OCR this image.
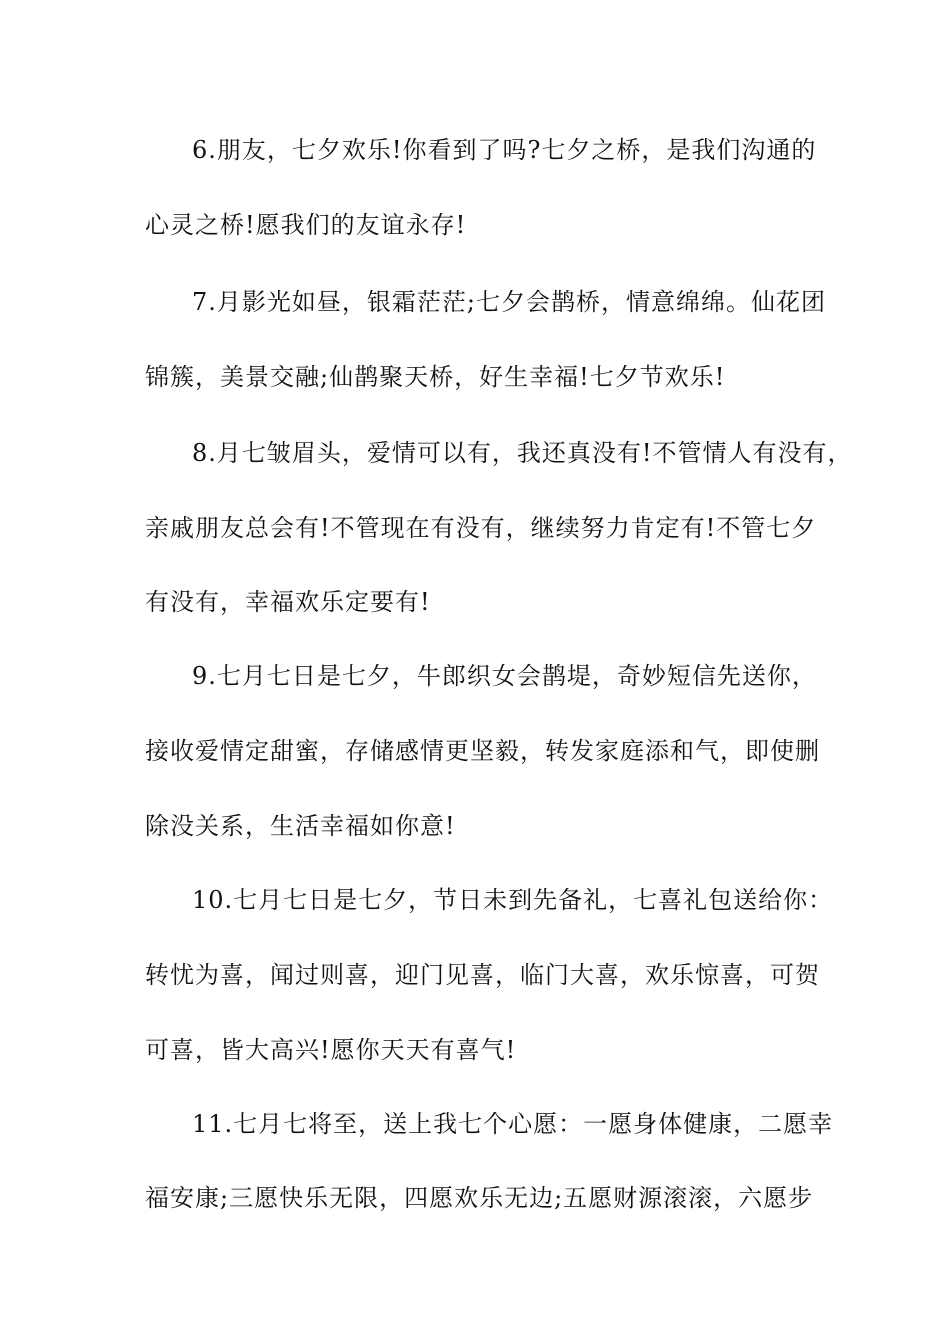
6.朋友，七夕欢乐!你看到了吗?七夕之桥，是我们沟通的
心灵之桥!愿我们的友谊永存!
7.月影光如昼，银霜茫茫;七夕会鹊桥，情意绵绵。仙花团
锦簇，美景交融;仙鹊聚天桥，好生幸福!七夕节欢乐!
8.月七皱眉头，爱情可以有，我还真没有!不管情人有没有，
亲戚朋友总会有!不管现在有没有，继续努力肯定有!不管七夕
有没有，幸福欢乐定要有!
9.七月七日是七夕，牛郎织女会鹊堤，奇妙短信先送你，
接收爱情定甜蜜，存储感情更坚毅，转发家庭添和气，即使删
除没关系，生活幸福如你意!
10.七月七日是七夕，节日未到先备礼，七喜礼包送给你：
转忧为喜，闻过则喜，迎门见喜，临门大喜，欢乐惊喜，可贺
可喜，皆大高兴!愿你天天有喜气!
11.七月七将至，送上我七个心愿：一愿身体健康，二愿幸
福安康;三愿快乐无限，四愿欢乐无边;五愿财源滚滚，六愿步
